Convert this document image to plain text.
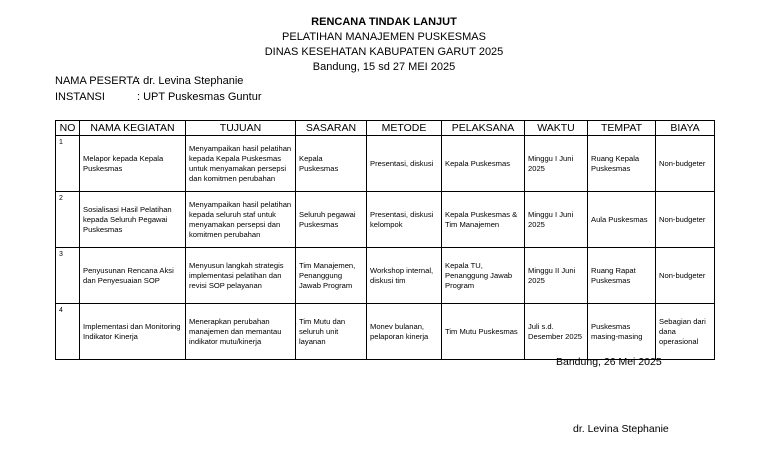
RENCANA TINDAK LANJUT
PELATIHAN MANAJEMEN PUSKESMAS
DINAS KESEHATAN KABUPATEN GARUT 2025
Bandung, 15 sd 27 MEI 2025
NAMA PESERTA
: dr. Levina Stephanie
INSTANSI	: UPT Puskesmas Guntur
NO	NAMA KEGIATAN	TUJUAN	SASARAN	METODE	PELAKSANA	WAKTU	TEMPAT	BIAYA
1	Melapor kepada Kepala Puskesmas	Menyampaikan hasil pelatihan kepada Kepala Puskesmas untuk menyamakan persepsi dan komitmen perubahan	Kepala Puskesmas	Presentasi, diskusi	Kepala Puskesmas	Minggu I Juni 2025	Ruang Kepala Puskesmas	Non-budgeter
2	Sosialisasi Hasil Pelatihan kepada Seluruh Pegawai Puskesmas	Menyampaikan hasil pelatihan kepada seluruh staf untuk menyamakan persepsi dan komitmen perubahan	Seluruh pegawai Puskesmas	Presentasi, diskusi kelompok	Kepala Puskesmas & Tim Manajemen	Minggu I Juni 2025	Aula Puskesmas	Non-budgeter
3	Penyusunan Rencana Aksi dan Penyesuaian SOP	Menyusun langkah strategis implementasi pelatihan dan revisi SOP pelayanan	Tim Manajemen, Penanggung Jawab Program	Workshop internal, diskusi tim	Kepala TU, Penanggung Jawab Program	Minggu II Juni 2025	Ruang Rapat Puskesmas	Non-budgeter
4	Implementasi dan Monitoring Indikator Kinerja	Menerapkan perubahan manajemen dan memantau indikator mutu/kinerja	Tim Mutu dan seluruh unit layanan	Monev bulanan, pelaporan kinerja	Tim Mutu Puskesmas	Juli s.d. Desember 2025	Puskesmas masing-masing	Sebagian dari dana operasional
Bandung, 26 Mei 2025
dr. Levina Stephanie
